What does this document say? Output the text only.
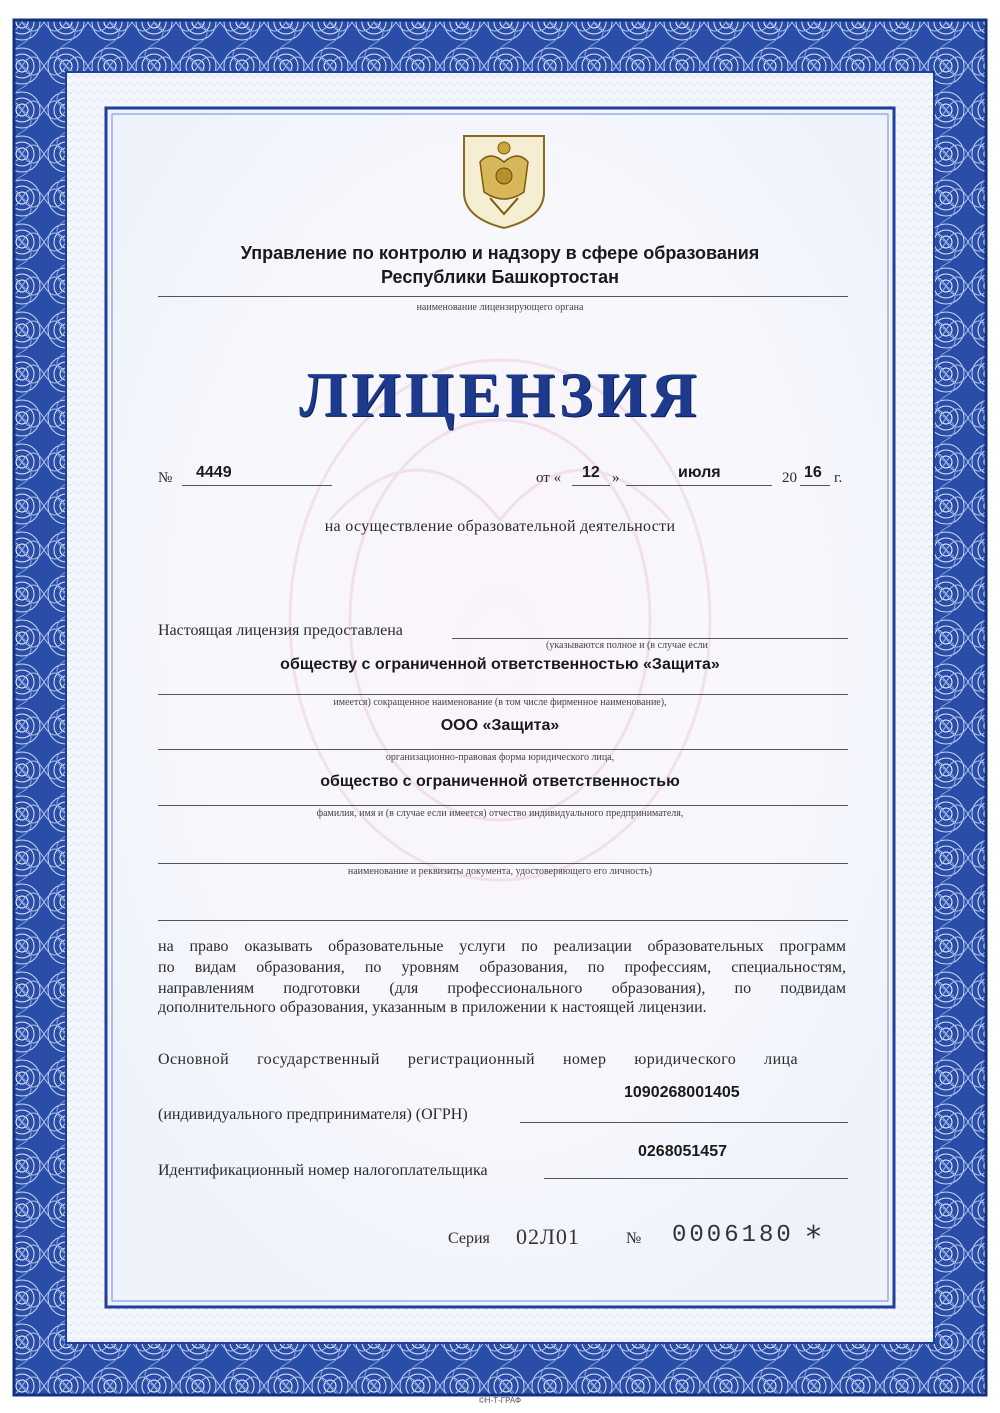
Управление по контролю и надзору в сфере образования
Республики Башкортостан
наименование лицензирующего органа
ЛИЦЕНЗИЯ
№ 4449	от « 12 »	июля	20 16 г.
на осуществление образовательной деятельности
Настоящая лицензия предоставлена
(указываются полное и (в случае если
обществу с ограниченной ответственностью «Защита»
имеется) сокращенное наименование (в том числе фирменное наименование),
ООО «Защита»
организационно-правовая форма юридического лица,
общество с ограниченной ответственностью
фамилия, имя и (в случае если имеется) отчество индивидуального предпринимателя,
наименование и реквизиты документа, удостоверяющего его личность)
на право оказывать образовательные услуги по реализации образовательных программ
по видам образования, по уровням образования, по профессиям, специальностям,
направлениям подготовки (для профессионального образования), по подвидам
дополнительного образования, указанным в приложении к настоящей лицензии.
Основной государственный регистрационный номер юридического лица
1090268001405
(индивидуального предпринимателя) (ОГРН)
Идентификационный номер налогоплательщика
0268051457
Серия 02Л01	№ 0006180 *
©Н-Т-ГРАФ
